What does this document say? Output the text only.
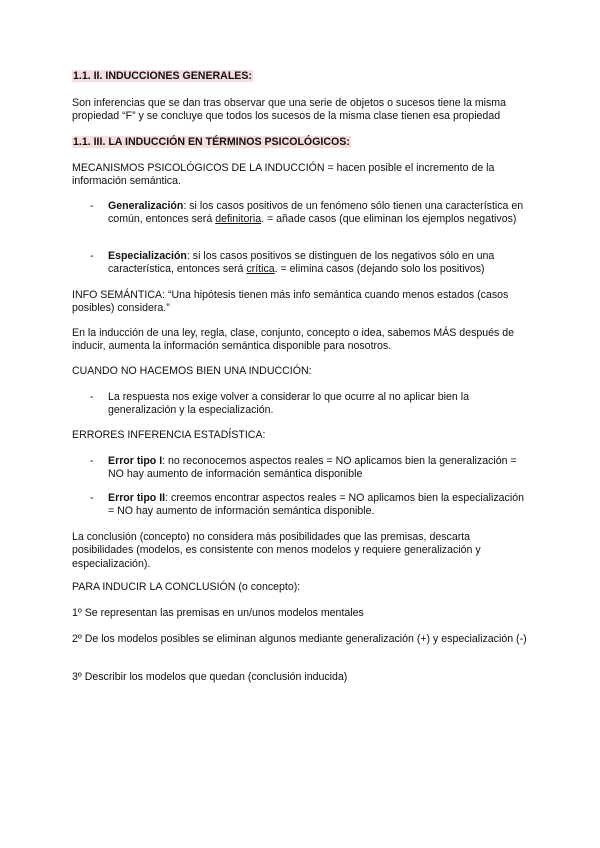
1.1. II. INDUCCIONES GENERALES:

Son inferencias que se dan tras observar que una serie de objetos o sucesos tiene la misma propiedad “F” y se concluye que todos los sucesos de la misma clase tienen esa propiedad

1.1. III. LA INDUCCIÓN EN TÉRMINOS PSICOLÓGICOS:

MECANISMOS PSICOLÓGICOS DE LA INDUCCIÓN = hacen posible el incremento de la información semántica.

- Generalización: si los casos positivos de un fenómeno sólo tienen una característica en común, entonces será definitoria. = añade casos (que eliminan los ejemplos negativos)
- Especialización: si los casos positivos se distinguen de los negativos sólo en una característica, entonces será crítica. = elimina casos (dejando solo los positivos)

INFO SEMÁNTICA: “Una hipótesis tienen más info semántica cuando menos estados (casos posibles) considera.”

En la inducción de una ley, regla, clase, conjunto, concepto o idea, sabemos MÁS después de inducir, aumenta la información semántica disponible para nosotros.

CUANDO NO HACEMOS BIEN UNA INDUCCIÓN:

- La respuesta nos exige volver a considerar lo que ocurre al no aplicar bien la generalización y la especialización.

ERRORES INFERENCIA ESTADÍSTICA:

- Error tipo I: no reconocemos aspectos reales = NO aplicamos bien la generalización = NO hay aumento de información semántica disponible
- Error tipo II: creemos encontrar aspectos reales = NO aplicamos bien la especialización = NO hay aumento de información semántica disponible.

La conclusión (concepto) no considera más posibilidades que las premisas, descarta posibilidades (modelos, es consistente con menos modelos y requiere generalización y especialización).

PARA INDUCIR LA CONCLUSIÓN (o concepto):

1º Se representan las premisas en un/unos modelos mentales

2º De los modelos posibles se eliminan algunos mediante generalización (+) y especialización (-)

3º Describir los modelos que quedan (conclusión inducida)
